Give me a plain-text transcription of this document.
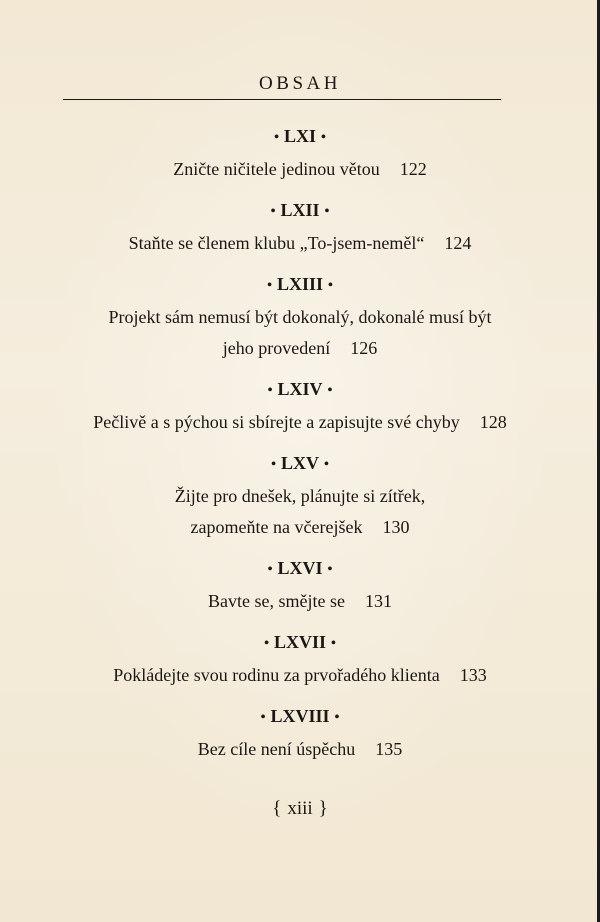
OBSAH
• LXI •
Zničte ničitele jedinou větou 122
• LXII •
Staňte se členem klubu „To-jsem-neměl“ 124
• LXIII •
Projekt sám nemusí být dokonalý, dokonalé musí být
jeho provedení 126
• LXIV •
Pečlivě a s pýchou si sbírejte a zapisujte své chyby 128
• LXV •
Žijte pro dnešek, plánujte si zítřek,
zapomeňte na včerejšek 130
• LXVI •
Bavte se, smějte se 131
• LXVII •
Pokládejte svou rodinu za prvořadého klienta 133
• LXVIII •
Bez cíle není úspěchu 135
{ xiii }
